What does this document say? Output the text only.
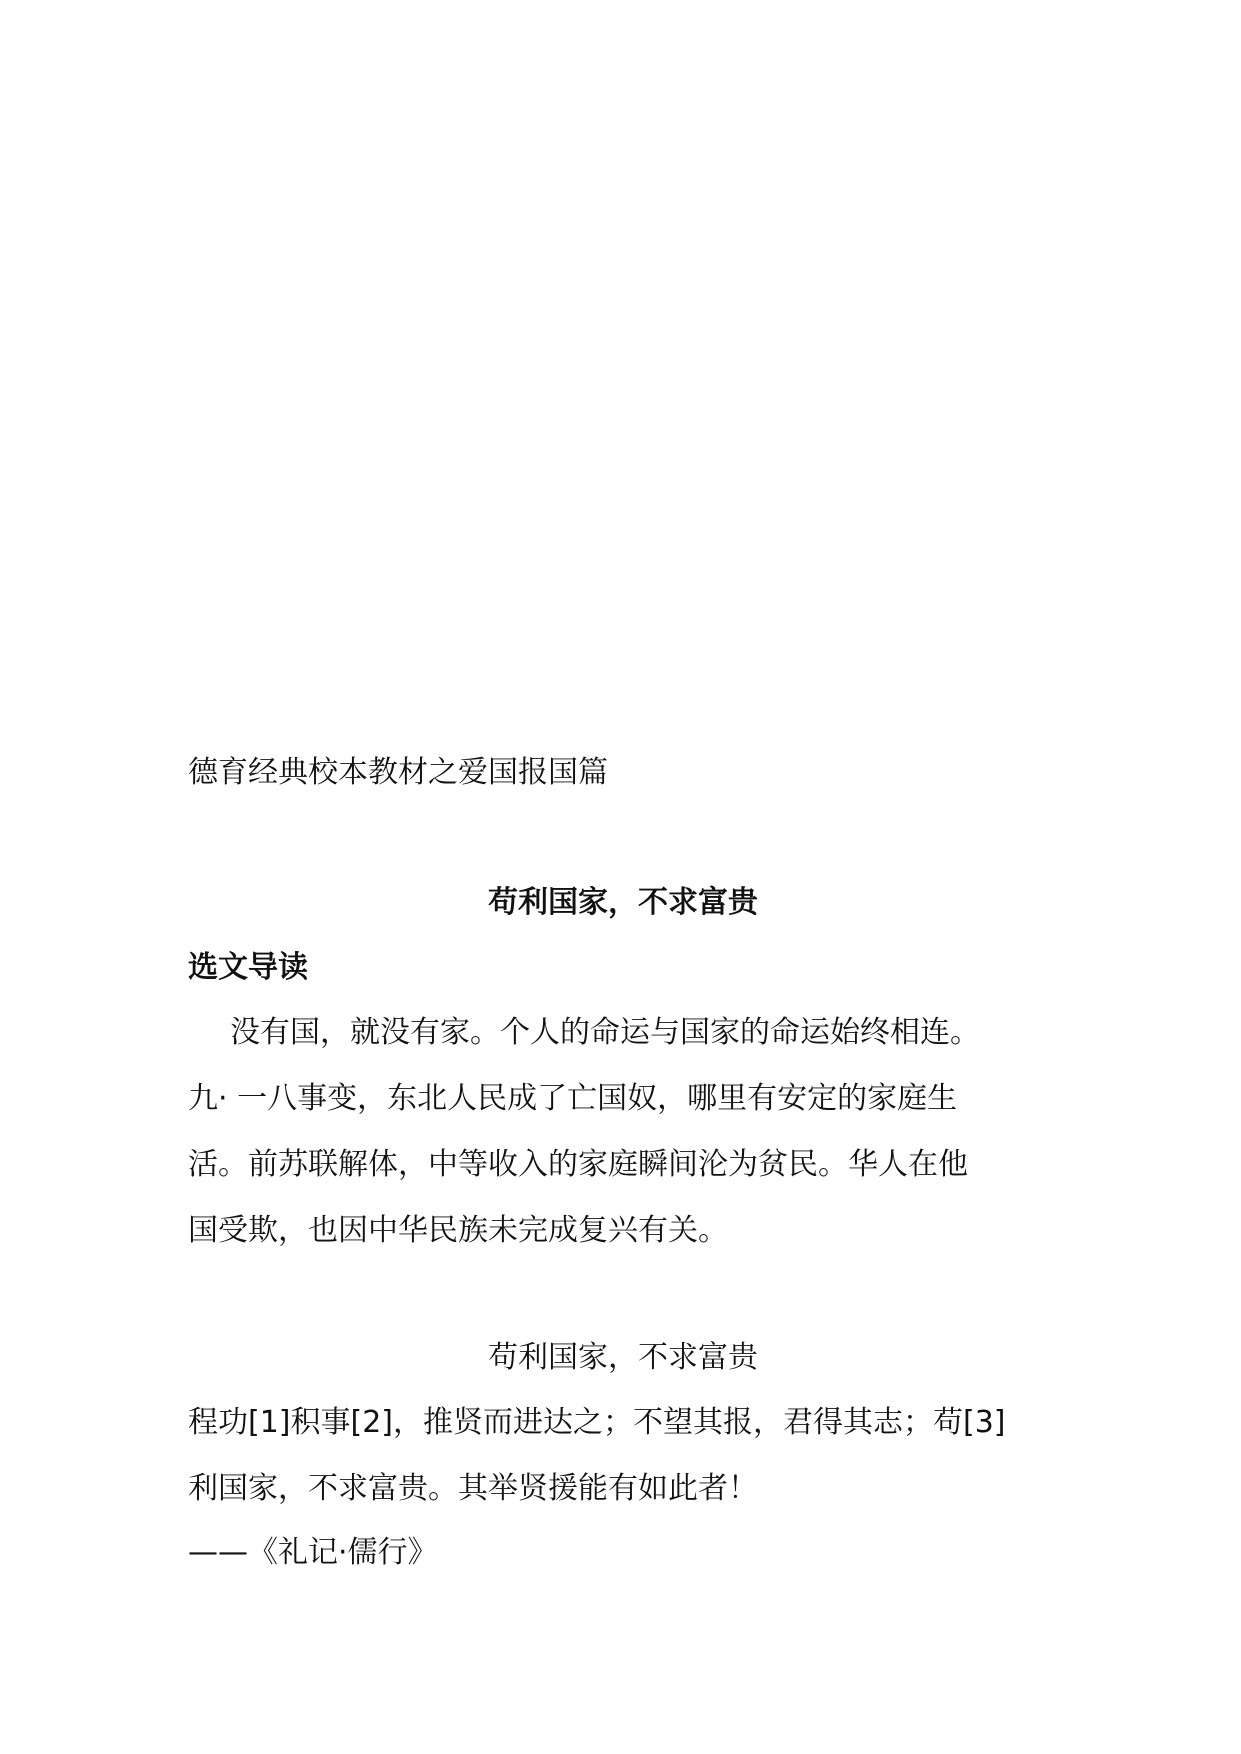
德育经典校本教材之爱国报国篇
苟利国家，不求富贵
选文导读
没有国，就没有家。个人的命运与国家的命运始终相连。
九· 一八事变，东北人民成了亡国奴，哪里有安定的家庭生
活。前苏联解体，中等收入的家庭瞬间沦为贫民。华人在他
国受欺，也因中华民族未完成复兴有关。
苟利国家，不求富贵
程功[1]积事[2]，推贤而进达之；不望其报，君得其志；苟[3]
利国家，不求富贵。其举贤援能有如此者！
——《礼记·儒行》
